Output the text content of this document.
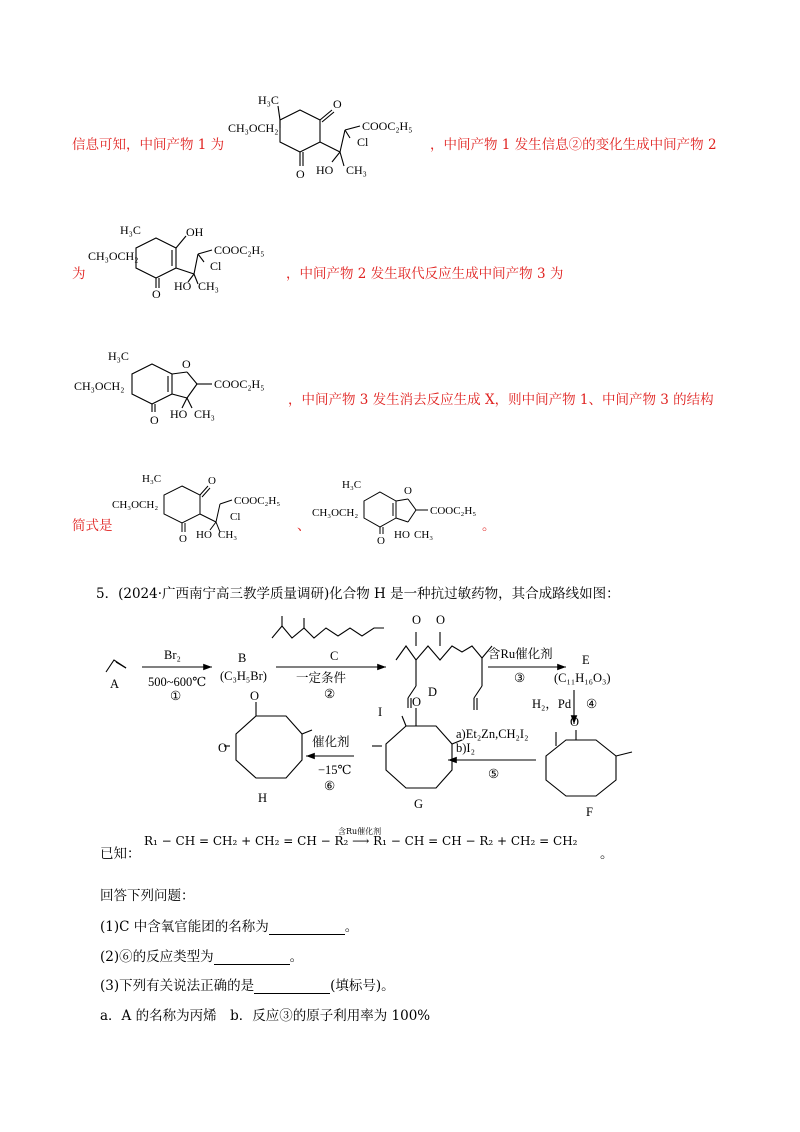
信息可知，中间产物 1 为
H₃C	O
CH₃OCH₂	COOC₂H₅
Cl
HO CH₃
O
，中间产物 1 发生信息②的变化生成中间产物 2
为
H₃C	OH
CH₃OCH₂	COOC₂H₅
Cl
O
HO CH₃
，中间产物 2 发生取代反应生成中间产物 3 为
H₃C
O
CH₃OCH₂	COOC₂H₅
O HO CH₃
，中间产物 3 发生消去反应生成 X，则中间产物 1、中间产物 3 的结构
简式是
H₃C	O
CH₃OCH₂	COOC₂H₅
Cl
O HO CH₃
、
H₃C	O
CH₃OCH₂	COOC₂H₅
O HO CH₃
。
5．(2024·广西南宁高三教学质量调研)化合物 H 是一种抗过敏药物，其合成路线如图：
A
Br₂
500~600℃
①
B
(C₃H₅Br)
C
一定条件
②
O O
D
含Ru催化剂
③
E
(C₁₁H₁₆O₃)
H₂，Pd ④
O
F
a)Et₂Zn,CH₂I₂
b)I₂
⑤
I
O
G
催化剂
−15℃
⑥
O
O
H
已知：
含Ru催化剂
R₁ − CH = CH₂ + CH₂ = CH − R₂ ⟶ R₁ − CH = CH − R₂ + CH₂ = CH₂
。
回答下列问题：
(1)C 中含氧官能团的名称为	。
(2)⑥的反应类型为	。
(3)下列有关说法正确的是	(填标号)。
a．A 的名称为丙烯　b．反应③的原子利用率为 100%
